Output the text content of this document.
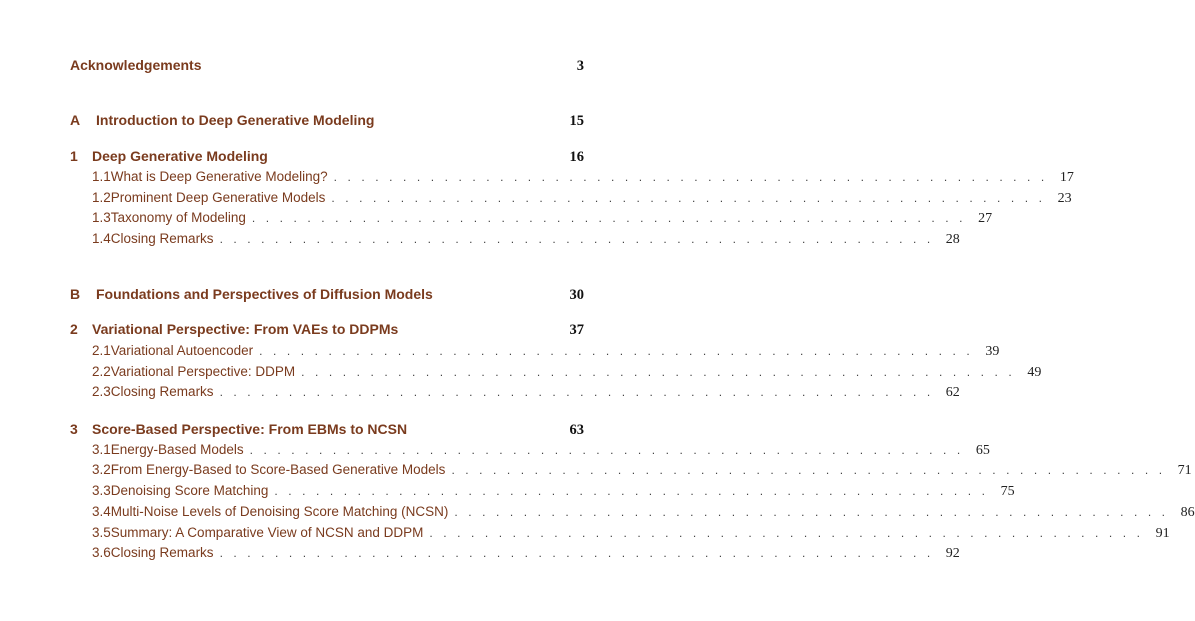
Acknowledgements	3
A	Introduction to Deep Generative Modeling	15
1	Deep Generative Modeling	16
1.1 What is Deep Generative Modeling? . . . . . . . . . . . . . . . . . . . . . . . . . . . . . . . . . . . . . . . . . . . . . . . . . . . . 17
1.2 Prominent Deep Generative Models . . . . . . . . . . . . . . . . . . . . . . . . . . . . . . . . . . . . . . . . . . . . . . . . . . . . 23
1.3 Taxonomy of Modeling . . . . . . . . . . . . . . . . . . . . . . . . . . . . . . . . . . . . . . . . . . . . . . . . . . . . 27
1.4 Closing Remarks . . . . . . . . . . . . . . . . . . . . . . . . . . . . . . . . . . . . . . . . . . . . . . . . . . . . 28
B	Foundations and Perspectives of Diffusion Models	30
2	Variational Perspective: From VAEs to DDPMs	37
2.1 Variational Autoencoder . . . . . . . . . . . . . . . . . . . . . . . . . . . . . . . . . . . . . . . . . . . . . . . . . . . . 39
2.2 Variational Perspective: DDPM . . . . . . . . . . . . . . . . . . . . . . . . . . . . . . . . . . . . . . . . . . . . . . . . . . . . 49
2.3 Closing Remarks . . . . . . . . . . . . . . . . . . . . . . . . . . . . . . . . . . . . . . . . . . . . . . . . . . . . 62
3	Score-Based Perspective: From EBMs to NCSN	63
3.1 Energy-Based Models . . . . . . . . . . . . . . . . . . . . . . . . . . . . . . . . . . . . . . . . . . . . . . . . . . . . 65
3.2 From Energy-Based to Score-Based Generative Models . . . . . . . . . . . . . . . . . . . . . . . . . . . . . . . . . . . . . . . . . . . . . . . . . . . . 71
3.3 Denoising Score Matching . . . . . . . . . . . . . . . . . . . . . . . . . . . . . . . . . . . . . . . . . . . . . . . . . . . . 75
3.4 Multi-Noise Levels of Denoising Score Matching (NCSN) . . . . . . . . . . . . . . . . . . . . . . . . . . . . . . . . . . . . . . . . . . . . . . . . . . . . 86
3.5 Summary: A Comparative View of NCSN and DDPM . . . . . . . . . . . . . . . . . . . . . . . . . . . . . . . . . . . . . . . . . . . . . . . . . . . . 91
3.6 Closing Remarks . . . . . . . . . . . . . . . . . . . . . . . . . . . . . . . . . . . . . . . . . . . . . . . . . . . . 92
